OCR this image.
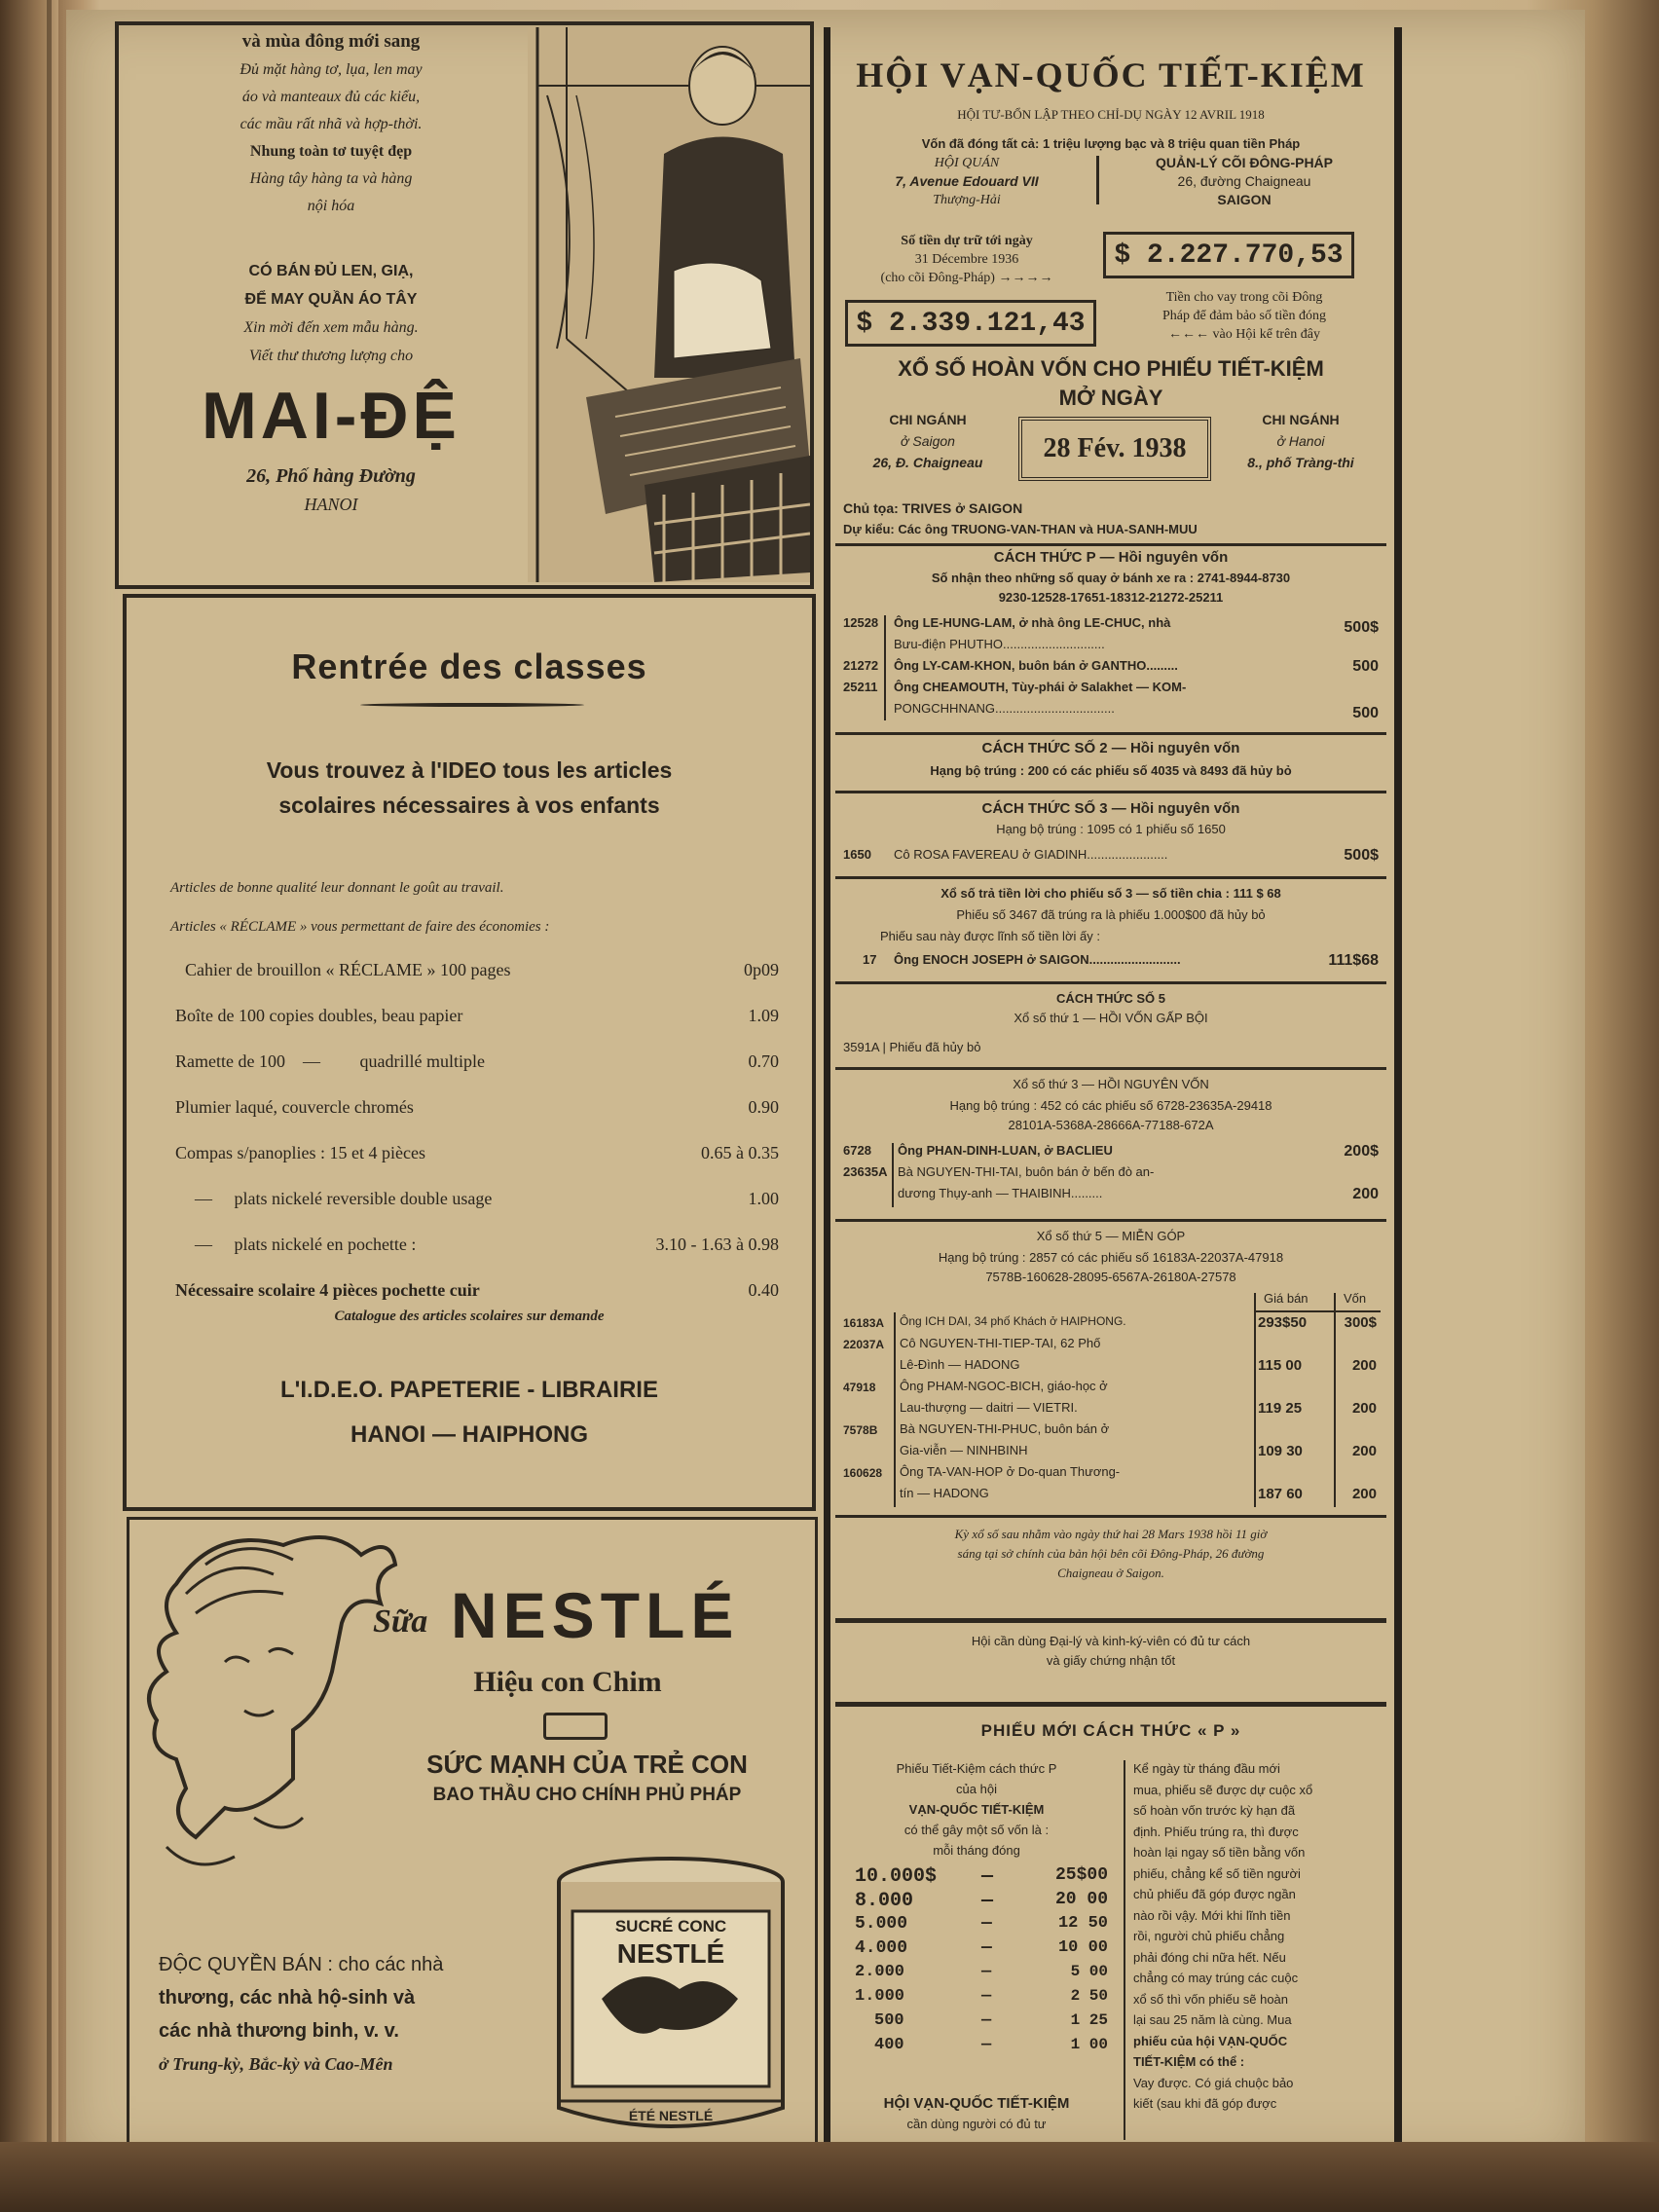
và mùa đông mới sang
Đủ mặt hàng tơ, lụa, len may
áo và manteaux đủ các kiểu,
các mầu rất nhã và hợp-thời.
Nhung toàn tơ tuyệt đẹp
Hàng tây hàng ta và hàng
nội hóa
CÓ BÁN ĐỦ LEN, GIẠ,
ĐỂ MAY QUẦN ÁO TÂY
Xin mời đến xem mẫu hàng.
Viết thư thương lượng cho
MAI-ĐỆ
26, Phố hàng Đường
HANOI
Rentrée des classes
Vous trouvez à l'IDEO tous les articles
scolaires nécessaires à vos enfants
Articles de bonne qualité leur donnant le goût au travail.
Articles « RÉCLAME » vous permettant de faire des économies :
Cahier de brouillon « RÉCLAME » 100 pages	0p09
Boîte de 100 copies doubles, beau papier	1.09
Ramette de 100    —         quadrillé multiple	0.70
Plumier laqué, couvercle chromés	0.90
Compas s/panoplies : 15 et 4 pièces	0.65 à 0.35
—     plats nickelé reversible double usage	1.00
—     plats nickelé en pochette :	3.10 - 1.63 à 0.98
Nécessaire scolaire 4 pièces pochette cuir	0.40
Catalogue des articles scolaires sur demande
L'I.D.E.O. PAPETERIE - LIBRAIRIE
HANOI — HAIPHONG
Sữa NESTLÉ
Hiệu con Chim
SỨC MẠNH CỦA TRẺ CON
BAO THẦU CHO CHÍNH PHỦ PHÁP
ĐỘC QUYỀN BÁN : cho các nhà
thương, các nhà hộ-sinh và
các nhà thương binh, v. v.
ở Trung-kỳ, Bắc-kỳ và Cao-Mên
SUCRÉ CONC
NESTLÉ
ÉTÉ NESTLÉ
HỘI VẠN-QUỐC TIẾT-KIỆM
HỘI TƯ-BỔN LẬP THEO CHỈ-DỤ NGÀY 12 AVRIL 1918
Vốn đã đóng tất cả: 1 triệu lượng bạc và 8 triệu quan tiền Pháp
HỘI QUÁN
7, Avenue Edouard VII
Thượng-Hải
QUẢN-LÝ CÕI ĐÔNG-PHÁP
26, đường Chaigneau
SAIGON
Số tiền dự trữ tới ngày
31 Décembre 1936
(cho cõi Đông-Pháp) →→→→
$ 2.227.770,53
$ 2.339.121,43
Tiền cho vay trong cõi Đông
Pháp để đảm bảo số tiền đóng
←←← vào Hội kể trên đây
XỔ SỐ HOÀN VỐN CHO PHIẾU TIẾT-KIỆM
MỞ NGÀY
CHI NGÁNH
ở Saigon
26, Đ. Chaigneau	28 Fév. 1938
CHI NGÁNH
ở Hanoi
8., phố Tràng-thi
Chủ tọa: TRIVES ở SAIGON
Dự kiểu: Các ông TRUONG-VAN-THAN và HUA-SANH-MUU
CÁCH THỨC P — Hồi nguyên vốn
Số nhận theo những số quay ở bánh xe ra : 2741-8944-8730
9230-12528-17651-18312-21272-25211
12528 Ông LE-HUNG-LAM, ở nhà ông LE-CHUC, nhà	500$
Bưu-điện PHUTHO.............................
21272 Ông LY-CAM-KHON, buôn bán ở GANTHO.........	500
25211 Ông CHEAMOUTH, Tùy-phái ở Salakhet — KOM-
PONGCHHNANG..................................	500
CÁCH THỨC SỐ 2 — Hồi nguyên vốn
Hạng bộ trúng : 200 có các phiếu số 4035 và 8493 đã hủy bỏ
CÁCH THỨC SỐ 3 — Hồi nguyên vốn
Hạng bộ trúng : 1095 có 1 phiếu số 1650
1650 Cô ROSA FAVEREAU ở GIADINH.......................	500$
Xổ số trả tiền lời cho phiếu số 3 — số tiền chia : 111 $ 68
Phiếu số 3467 đã trúng ra là phiếu 1.000$00 đã hủy bỏ
Phiếu sau này được lĩnh số tiền lời ấy :
17 Ông ENOCH JOSEPH ở SAIGON..........................	111$68
CÁCH THỨC SỐ 5
Xổ số thứ 1 — HỒI VỐN GẤP BỘI
3591A | Phiếu đã hủy bỏ
Xổ số thứ 3 — HỒI NGUYÊN VỐN
Hạng bộ trúng : 452 có các phiếu số 6728-23635A-29418
28101A-5368A-28666A-77188-672A
6728 Ông PHAN-DINH-LUAN, ở BACLIEU	200$
23635A Bà NGUYEN-THI-TAI, buôn bán ở bến đò an-
dương Thụy-anh — THAIBINH.........	200
Xổ số thứ 5 — MIỄN GÓP
Hạng bộ trúng : 2857 có các phiếu số 16183A-22037A-47918
7578B-160628-28095-6567A-26180A-27578
Giá bán	Vốn
16183A Ông ICH DAI, 34 phố Khách ở HAIPHONG.	293$50	300$
22037A Cô NGUYEN-THI-TIEP-TAI, 62 Phố
Lê-Đình — HADONG	115 00	200
47918 Ông PHAM-NGOC-BICH, giáo-học ở
Lau-thượng — daitri — VIETRI.	119 25	200
7578B Bà NGUYEN-THI-PHUC, buôn bán ở
Gia-viễn — NINHBINH	109 30	200
160628 Ông TA-VAN-HOP ở Do-quan Thương-
tín — HADONG	187 60	200
Kỳ xổ số sau nhằm vào ngày thứ hai 28 Mars 1938 hồi 11 giờ
sáng tại sở chính của bản hội bên cõi Đông-Pháp, 26 đường
Chaigneau ở Saigon.
Hội cần dùng Đại-lý và kinh-ký-viên có đủ tư cách
và giấy chứng nhận tốt
PHIẾU MỚI CÁCH THỨC « P »
Phiếu Tiết-Kiệm cách thức P
của hội
VẠN-QUỐC TIẾT-KIỆM
có thể gây một số vốn là :
mỗi tháng đóng
10.000$ —	25$00
8.000	—	20 00
5.000	—	12 50
4.000	—	10 00
2.000	—	5 00
1.000	—	2 50
500	—	1 25
400	—	1 00
HỘI VẠN-QUỐC TIẾT-KIỆM
cần dùng người có đủ tư
Kể ngày từ tháng đầu mới
mua, phiếu sẽ được dự cuộc xổ
số hoàn vốn trước kỳ hạn đã
định. Phiếu trúng ra, thì được
hoàn lại ngay số tiền bằng vốn
phiếu, chẳng kể số tiền người
chủ phiếu đã góp được ngần
nào rồi vậy. Mới khi lĩnh tiền
rồi, người chủ phiếu chẳng
phải đóng chi nữa hết. Nếu
chẳng có may trúng các cuộc
xổ số thì vốn phiếu sẽ hoàn
lại sau 25 năm là cùng. Mua
phiếu của hội VẠN-QUỐC
TIẾT-KIỆM có thể :
Vay được. Có giá chuộc bảo
kiết (sau khi đã góp được
